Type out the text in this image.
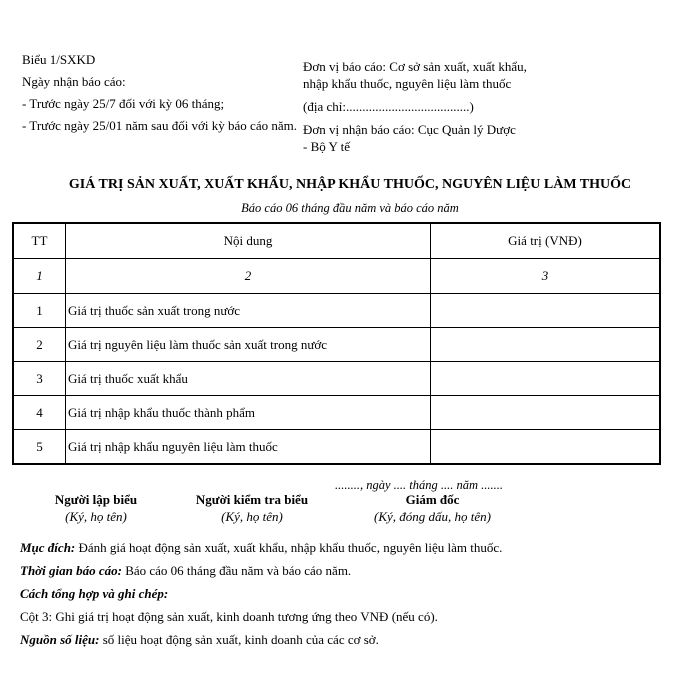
Biểu 1/SXKD
Ngày nhận báo cáo:
- Trước ngày 25/7 đối với kỳ 06 tháng;
- Trước ngày 25/01 năm sau đối với kỳ báo cáo năm.
Đơn vị báo cáo: Cơ sở sản xuất, xuất khẩu, nhập khẩu thuốc, nguyên liệu làm thuốc
(địa chỉ:......................................)
Đơn vị nhận báo cáo: Cục Quản lý Dược
- Bộ Y tế
GIÁ TRỊ SẢN XUẤT, XUẤT KHẨU, NHẬP KHẨU THUỐC, NGUYÊN LIỆU LÀM THUỐC
Báo cáo 06 tháng đầu năm và báo cáo năm
TT	Nội dung	Giá trị (VNĐ)
1	2	3
1	Giá trị thuốc sản xuất trong nước	
2	Giá trị nguyên liệu làm thuốc sản xuất trong nước	
3	Giá trị thuốc xuất khẩu	
4	Giá trị nhập khẩu thuốc thành phẩm	
5	Giá trị nhập khẩu nguyên liệu làm thuốc	
........, ngày .... tháng .... năm .......
Người lập biểu
(Ký, họ tên)
Người kiểm tra biểu
(Ký, họ tên)
Giám đốc
(Ký, đóng dấu, họ tên)
Mục đích: Đánh giá hoạt động sản xuất, xuất khẩu, nhập khẩu thuốc, nguyên liệu làm thuốc.
Thời gian báo cáo: Báo cáo 06 tháng đầu năm và báo cáo năm.
Cách tổng hợp và ghi chép:
Cột 3: Ghi giá trị hoạt động sản xuất, kinh doanh tương ứng theo VNĐ (nếu có).
Nguồn số liệu: số liệu hoạt động sản xuất, kinh doanh của các cơ sở.
